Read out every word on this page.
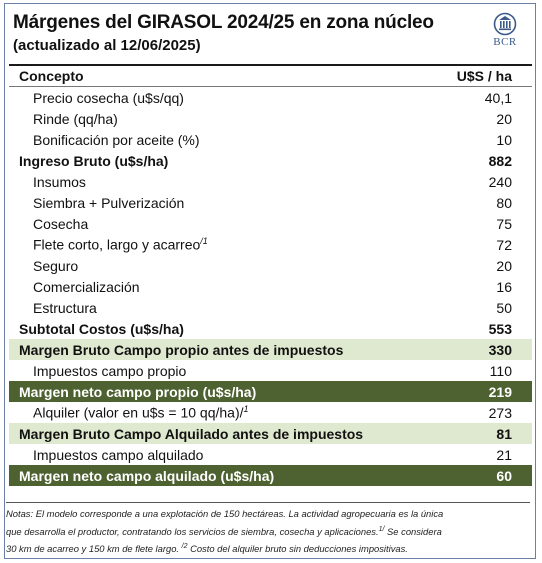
Márgenes del GIRASOL 2024/25 en zona núcleo
(actualizado al 12/06/2025)	BCR
Concepto	U$S / ha
Precio cosecha (u$s/qq)	40,1
Rinde (qq/ha)	20
Bonificación por aceite (%)	10
Ingreso Bruto (u$s/ha)	882
Insumos	240
Siembra + Pulverización	80
Cosecha	75
Flete corto, largo y acarreo$^{/1}$	72
Seguro	20
Comercialización	16
Estructura	50
Subtotal Costos (u$s/ha)	553
Margen Bruto Campo propio antes de impuestos	330
Impuestos campo propio	110
Margen neto campo propio (u$s/ha)	219
Alquiler (valor en u$s = 10 qq/ha)/$^1$	273
Margen Bruto Campo Alquilado antes de impuestos	81
Impuestos campo alquilado	21
Margen neto campo alquilado (u$s/ha)	60
Notas: El modelo corresponde a una explotación de 150 hectáreas. La actividad agropecuaria es la única
que desarrolla el productor, contratando los servicios de siembra, cosecha y aplicaciones.$^{1/}$ Se considera
30 km de acarreo y 150 km de flete largo. $^{/2}$ Costo del alquiler bruto sin deducciones impositivas.
